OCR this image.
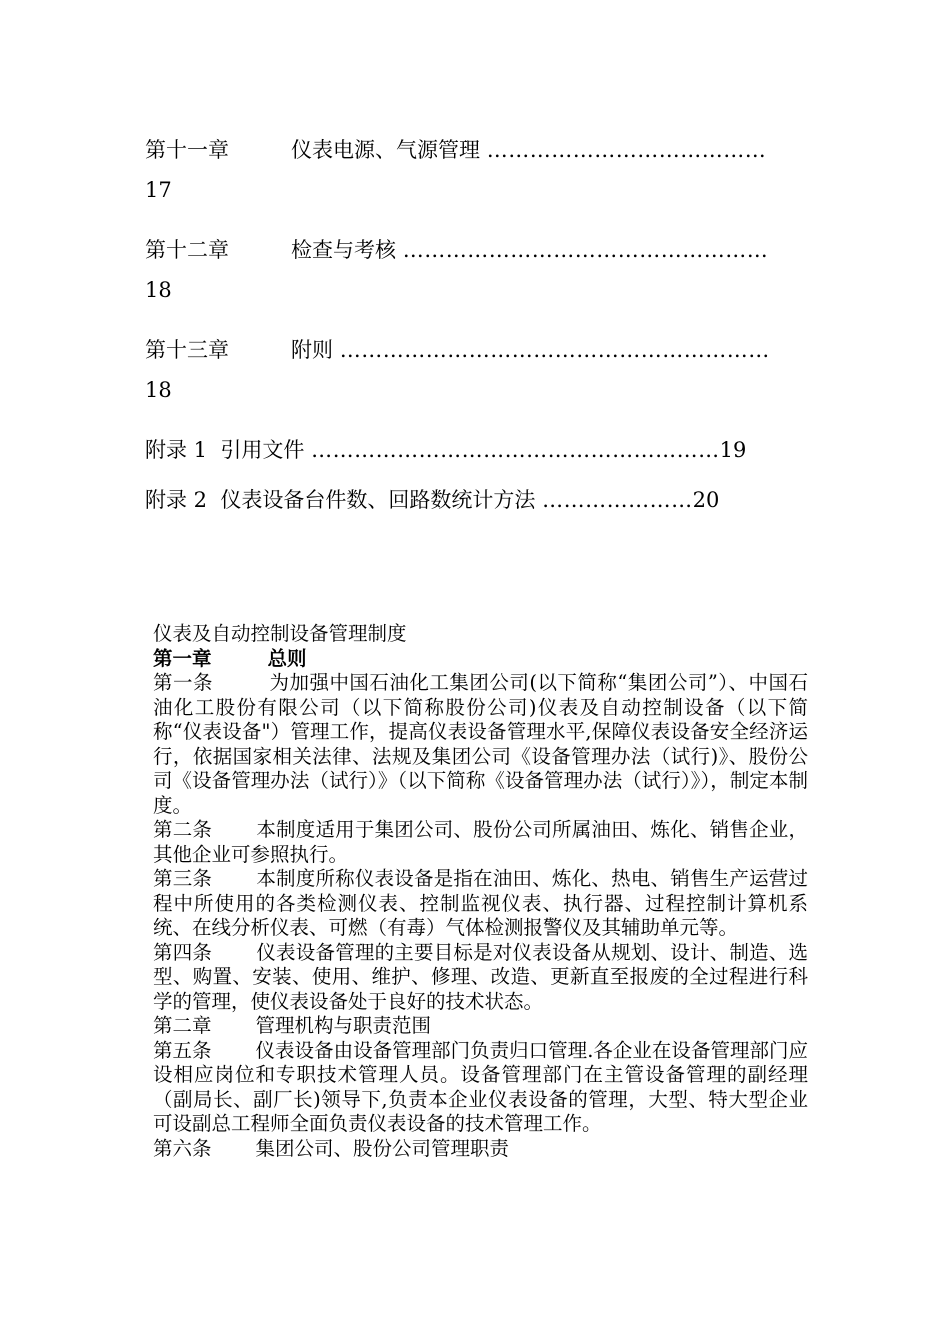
第十一章	仪表电源、气源管理 …………………………………
17
第十二章	检查与考核 ……………………………………………
18
第十三章	附则 ……………………………………………………
18
附录 1 引用文件 …………………………………………………19
附录 2 仪表设备台件数、回路数统计方法 …………………20

仪表及自动控制设备管理制度

第一章	总则

第一条	为加强中国石油化工集团公司(以下简称“集团公司”）、中国石油化工股份有限公司（以下简称股份公司)仪表及自动控制设备（以下简称“仪表设备"）管理工作，提高仪表设备管理水平,保障仪表设备安全经济运行，依据国家相关法律、法规及集团公司《设备管理办法（试行)》、股份公司《设备管理办法（试行）》（以下简称《设备管理办法（试行）》），制定本制度。

第二条 本制度适用于集团公司、股份公司所属油田、炼化、销售企业，其他企业可参照执行。

第三条 本制度所称仪表设备是指在油田、炼化、热电、销售生产运营过程中所使用的各类检测仪表、控制监视仪表、执行器、过程控制计算机系统、在线分析仪表、可燃（有毒）气体检测报警仪及其辅助单元等。

第四条 仪表设备管理的主要目标是对仪表设备从规划、设计、制造、选型、购置、安装、使用、维护、修理、改造、更新直至报废的全过程进行科学的管理，使仪表设备处于良好的技术状态。

第二章 管理机构与职责范围

第五条 仪表设备由设备管理部门负责归口管理.各企业在设备管理部门应设相应岗位和专职技术管理人员。设备管理部门在主管设备管理的副经理（副局长、副厂长)领导下,负责本企业仪表设备的管理，大型、特大型企业可设副总工程师全面负责仪表设备的技术管理工作。

第六条 集团公司、股份公司管理职责
